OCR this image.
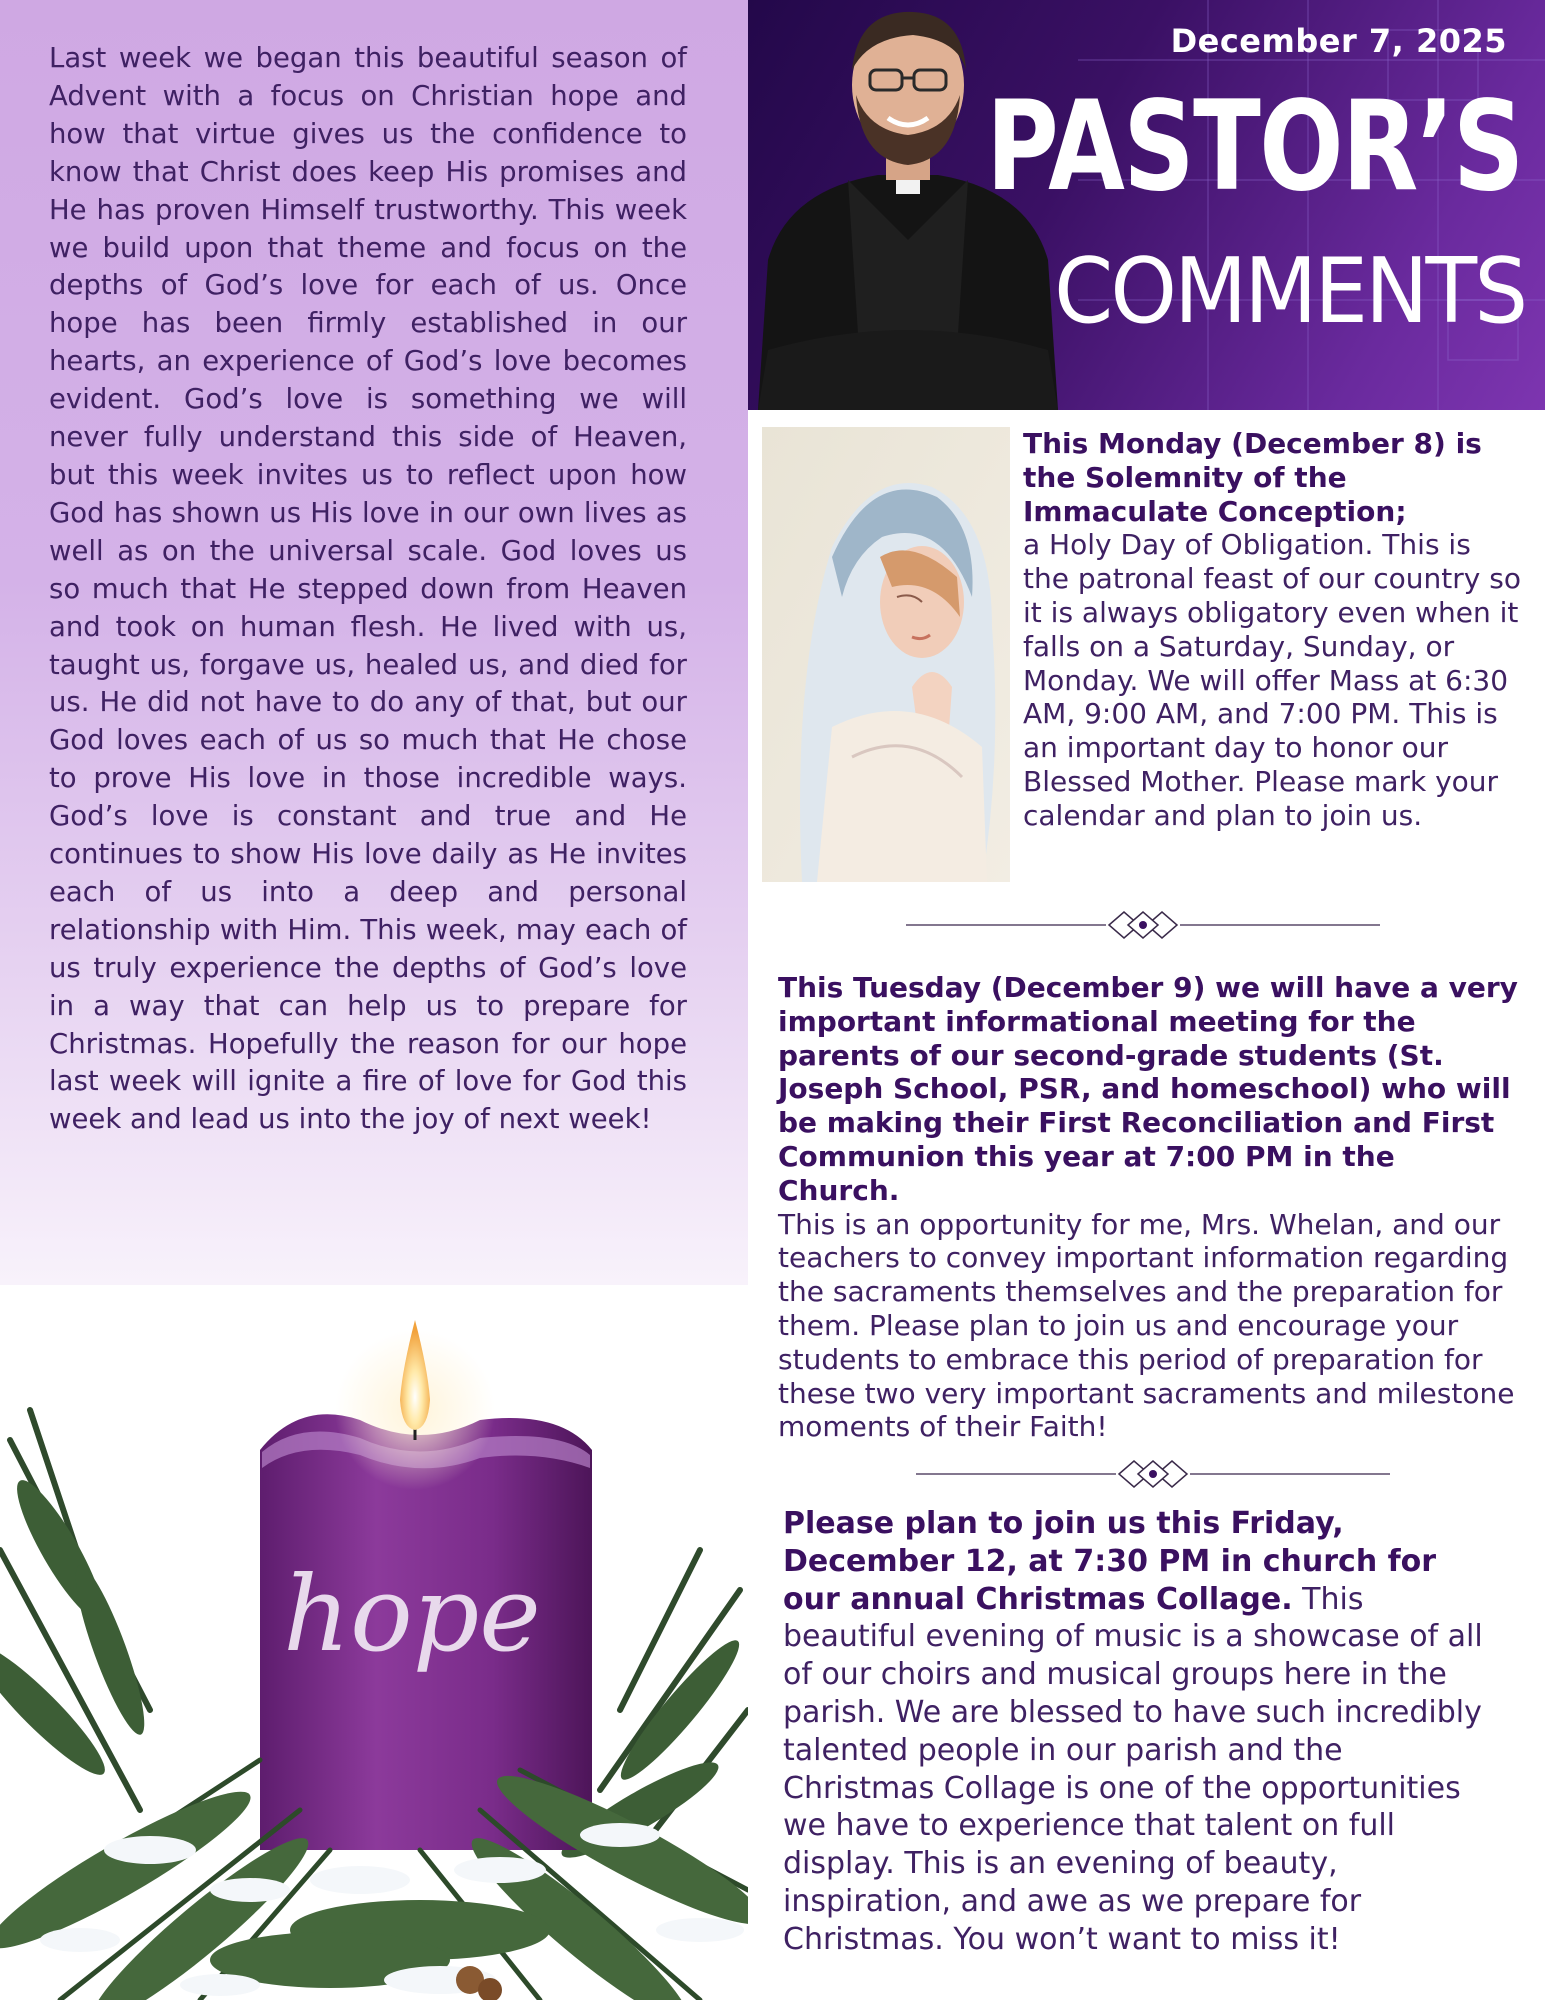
Last week we began this beautiful season of Advent with a focus on Christian hope and how that virtue gives us the confidence to know that Christ does keep His promises and He has proven Himself trustworthy. This week we build upon that theme and focus on the depths of God’s love for each of us. Once hope has been firmly established in our hearts, an experience of God’s love becomes evident. God’s love is something we will never fully understand this side of Heaven, but this week invites us to reflect upon how God has shown us His love in our own lives as well as on the universal scale. God loves us so much that He stepped down from Heaven and took on human flesh. He lived with us, taught us, forgave us, healed us, and died for us. He did not have to do any of that, but our God loves each of us so much that He chose to prove His love in those incredible ways. God’s love is constant and true and He continues to show His love daily as He invites each of us into a deep and personal relationship with Him. This week, may each of us truly experience the depths of God’s love in a way that can help us to prepare for Christmas. Hopefully the reason for our hope last week will ignite a fire of love for God this week and lead us into the joy of next week!

hope
December 7, 2025
PASTOR’S
COMMENTS

This Monday (December 8) is the Solemnity of the Immaculate Conception;
a Holy Day of Obligation. This is the patronal feast of our country so it is always obligatory even when it falls on a Saturday, Sunday, or Monday. We will offer Mass at 6:30 AM, 9:00 AM, and 7:00 PM. This is an important day to honor our Blessed Mother. Please mark your calendar and plan to join us.

This Tuesday (December 9) we will have a very important informational meeting for the parents of our second-grade students (St. Joseph School, PSR, and homeschool) who will be making their First Reconciliation and First Communion this year at 7:00 PM in the Church.
This is an opportunity for me, Mrs. Whelan, and our teachers to convey important information regarding the sacraments themselves and the preparation for them. Please plan to join us and encourage your students to embrace this period of preparation for these two very important sacraments and milestone moments of their Faith!

Please plan to join us this Friday, December 12, at 7:30 PM in church for our annual Christmas Collage. This beautiful evening of music is a showcase of all of our choirs and musical groups here in the parish. We are blessed to have such incredibly talented people in our parish and the Christmas Collage is one of the opportunities we have to experience that talent on full display. This is an evening of beauty, inspiration, and awe as we prepare for Christmas. You won’t want to miss it!
